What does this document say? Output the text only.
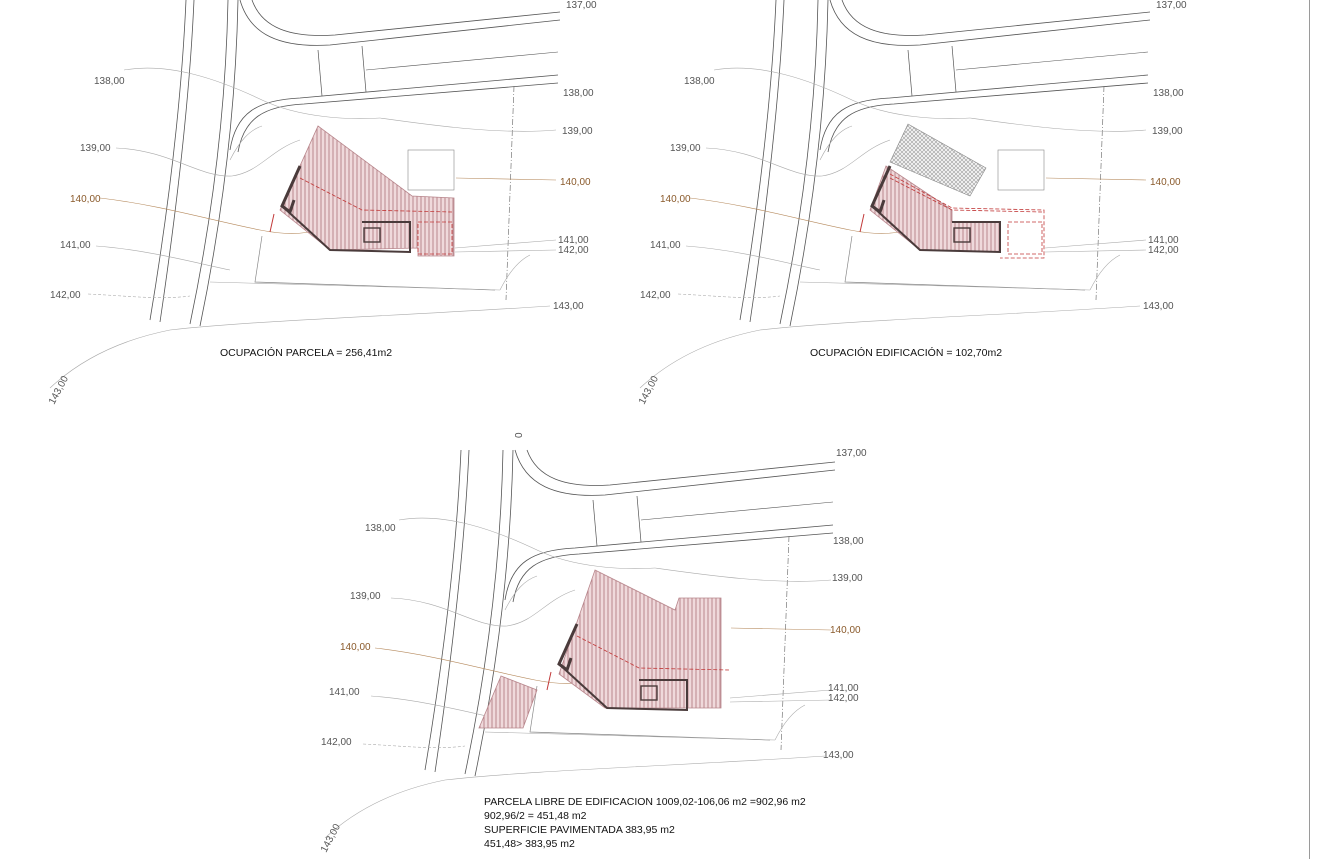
137,00
138,00
138,00
139,00
139,00
140,00
140,00
141,00	141,00
142,00
142,00
143,00
143,00
137,00
138,00
138,00
139,00
139,00
140,00
140,00
141,00	141,00
142,00
142,00
143,00
143,00
137,00
138,00
138,00
139,00
139,00
140,00
140,00
141,00	141,00
142,00
142,00
143,00
143,00
0
OCUPACIÓN PARCELA = 256,41m2	OCUPACIÓN EDIFICACIÓN = 102,70m2
PARCELA LIBRE DE EDIFICACION 1009,02-106,06 m2 =902,96 m2
902,96/2 = 451,48 m2
SUPERFICIE PAVIMENTADA 383,95 m2
451,48> 383,95 m2
